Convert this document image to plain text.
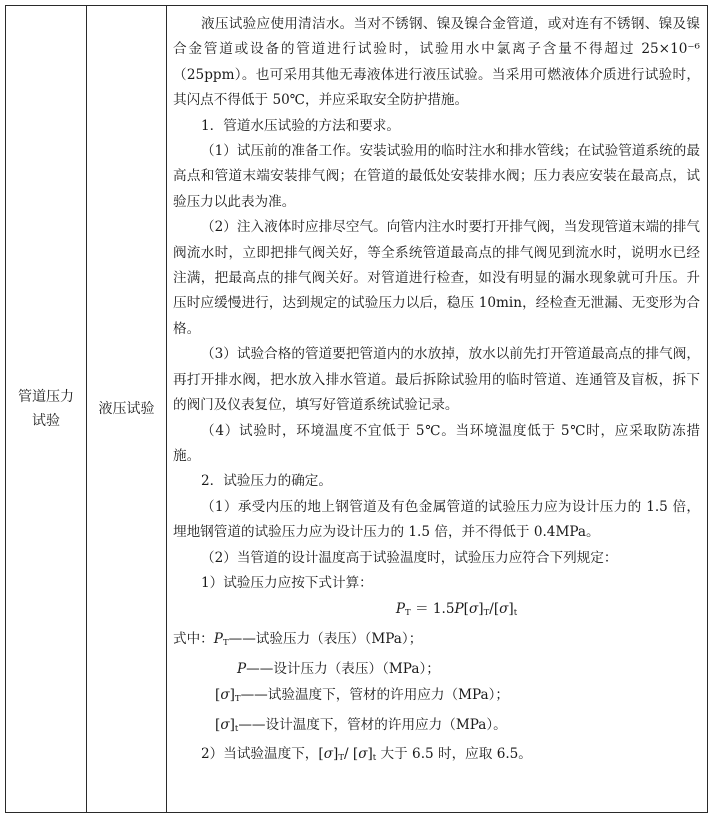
管道压力试验	液压试验	

液压试验应使用清洁水。当对不锈钢、镍及镍合金管道，或对连有不锈钢、镍及镍合金管道或设备的管道进行试验时，试验用水中氯离子含量不得超过 25×10⁻⁶（25ppm）。也可采用其他无毒液体进行液压试验。当采用可燃液体介质进行试验时，其闪点不得低于 50℃，并应采取安全防护措施。

1．管道水压试验的方法和要求。

（1）试压前的准备工作。安装试验用的临时注水和排水管线；在试验管道系统的最高点和管道末端安装排气阀；在管道的最低处安装排水阀；压力表应安装在最高点，试验压力以此表为准。

（2）注入液体时应排尽空气。向管内注水时要打开排气阀，当发现管道末端的排气阀流水时，立即把排气阀关好，等全系统管道最高点的排气阀见到流水时，说明水已经注满，把最高点的排气阀关好。对管道进行检查，如没有明显的漏水现象就可升压。升压时应缓慢进行，达到规定的试验压力以后，稳压 10min，经检查无泄漏、无变形为合格。

（3）试验合格的管道要把管道内的水放掉，放水以前先打开管道最高点的排气阀，再打开排水阀，把水放入排水管道。最后拆除试验用的临时管道、连通管及盲板，拆下的阀门及仪表复位，填写好管道系统试验记录。

（4）试验时，环境温度不宜低于 5℃。当环境温度低于 5℃时，应采取防冻措施。

2．试验压力的确定。

（1）承受内压的地上钢管道及有色金属管道的试验压力应为设计压力的 1.5 倍，埋地钢管道的试验压力应为设计压力的 1.5 倍，并不得低于 0.4MPa。

（2）当管道的设计温度高于试验温度时，试验压力应符合下列规定：

1）试验压力应按下式计算：

$P_T = 1.5P[\sigma]_T/[\sigma]_t$

式中：$P_T——$试验压力（表压）（MPa）；

P——设计压力（表压）（MPa）；

$[\sigma]_T——$试验温度下，管材的许用应力（MPa）；

$[\sigma]_t——$设计温度下，管材的许用应力（MPa）。

2）当试验温度下，$[\sigma]_T/$ $[\sigma]_t$ 大于 6.5 时，应取 6.5。
